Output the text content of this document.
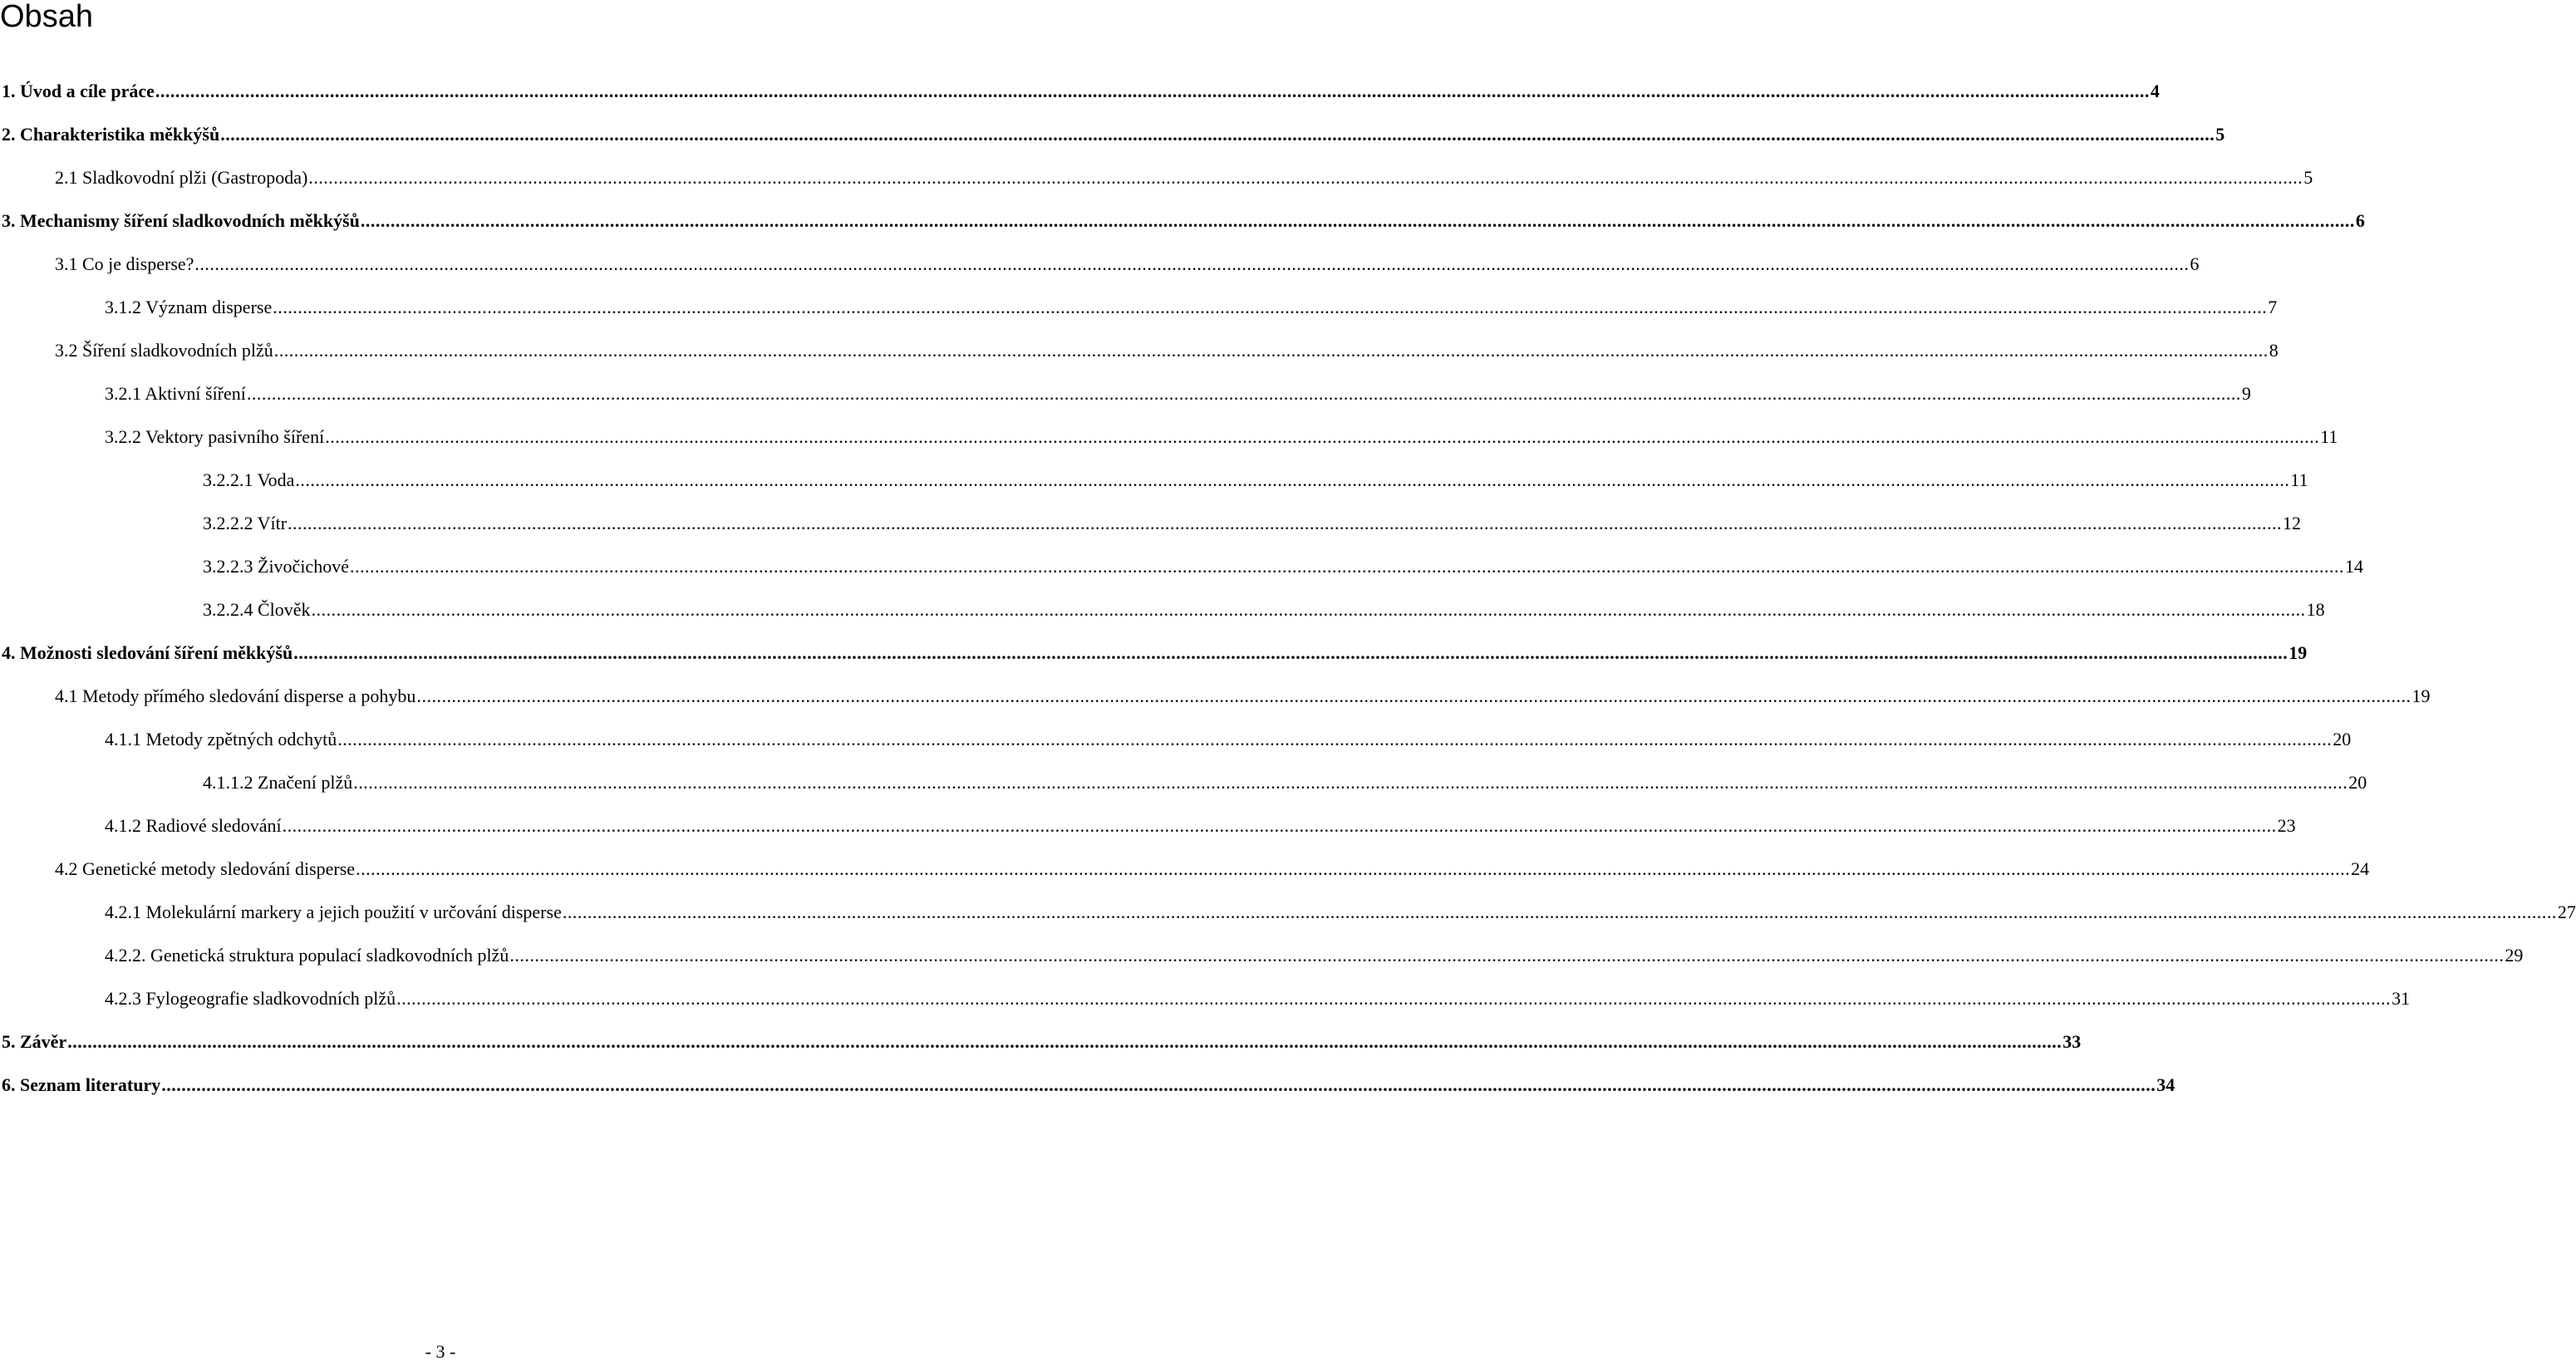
Obsah
1. Úvod a cíle práce ................................................................................................................................................................................................................................................................................................................................................................................................................ 4
2. Charakteristika měkkýšů ................................................................................................................................................................................................................................................................................................................................................................................................................ 5
2.1 Sladkovodní plži (Gastropoda) ................................................................................................................................................................................................................................................................................................................................................................................................................ 5
3. Mechanismy šíření sladkovodních měkkýšů ................................................................................................................................................................................................................................................................................................................................................................................................................ 6
3.1 Co je disperse? ................................................................................................................................................................................................................................................................................................................................................................................................................ 6
3.1.2 Význam disperse ................................................................................................................................................................................................................................................................................................................................................................................................................ 7
3.2 Šíření sladkovodních plžů ................................................................................................................................................................................................................................................................................................................................................................................................................ 8
3.2.1 Aktivní šíření ................................................................................................................................................................................................................................................................................................................................................................................................................ 9
3.2.2 Vektory pasivního šíření ................................................................................................................................................................................................................................................................................................................................................................................................................ 11
3.2.2.1 Voda ................................................................................................................................................................................................................................................................................................................................................................................................................ 11
3.2.2.2 Vítr ................................................................................................................................................................................................................................................................................................................................................................................................................ 12
3.2.2.3 Živočichové ................................................................................................................................................................................................................................................................................................................................................................................................................ 14
3.2.2.4 Člověk ................................................................................................................................................................................................................................................................................................................................................................................................................ 18
4. Možnosti sledování šíření měkkýšů ................................................................................................................................................................................................................................................................................................................................................................................................................ 19
4.1 Metody přímého sledování disperse a pohybu ................................................................................................................................................................................................................................................................................................................................................................................................................ 19
4.1.1 Metody zpětných odchytů ................................................................................................................................................................................................................................................................................................................................................................................................................ 20
4.1.1.2 Značení plžů ................................................................................................................................................................................................................................................................................................................................................................................................................ 20
4.1.2 Radiové sledování ................................................................................................................................................................................................................................................................................................................................................................................................................ 23
4.2 Genetické metody sledování disperse ................................................................................................................................................................................................................................................................................................................................................................................................................ 24
4.2.1 Molekulární markery a jejich použití v určování disperse ................................................................................................................................................................................................................................................................................................................................................................................................................ 27
4.2.2. Genetická struktura populací sladkovodních plžů ................................................................................................................................................................................................................................................................................................................................................................................................................ 29
4.2.3 Fylogeografie sladkovodních plžů ................................................................................................................................................................................................................................................................................................................................................................................................................ 31
5. Závěr ................................................................................................................................................................................................................................................................................................................................................................................................................ 33
6. Seznam literatury ................................................................................................................................................................................................................................................................................................................................................................................................................ 34
- 3 -
